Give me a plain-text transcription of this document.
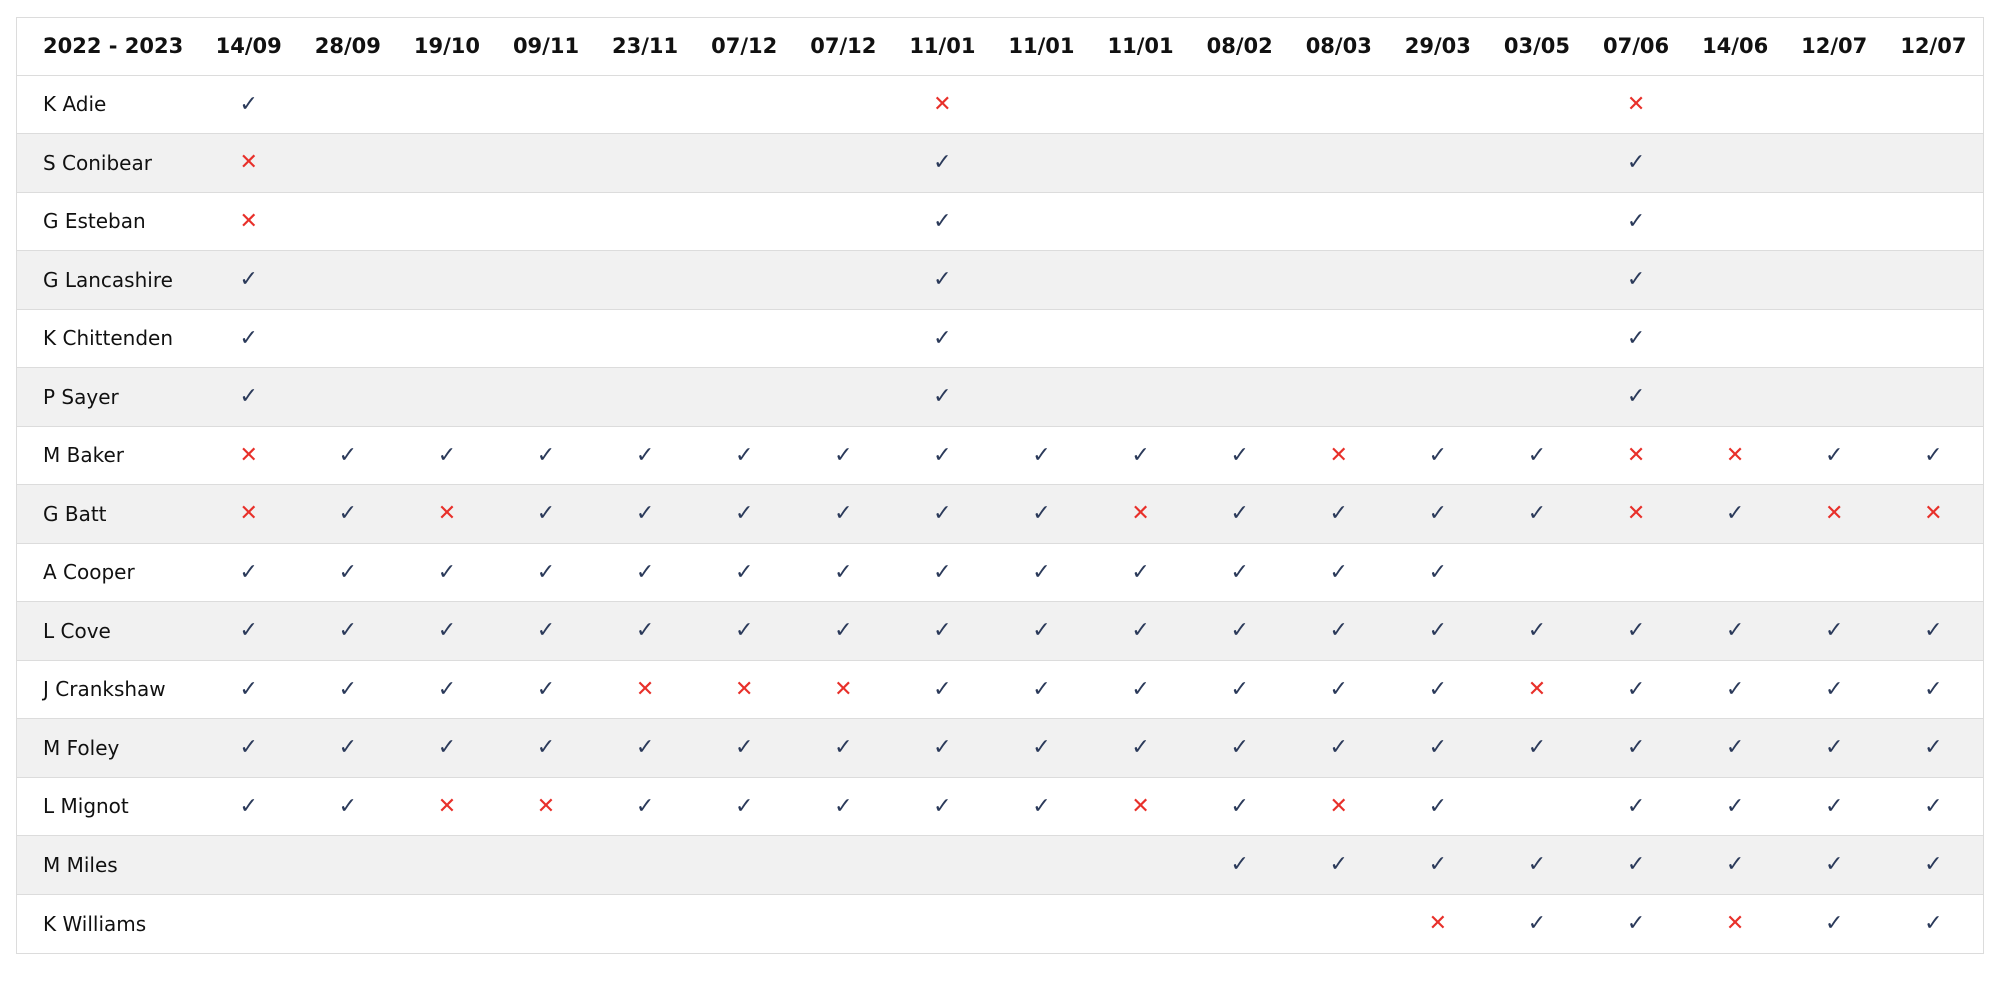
2022 - 2023	14/09	28/09	19/10	09/11	23/11	07/12	07/12	11/01	11/01	11/01	08/02	08/03	29/03	03/05	07/06	14/06	12/07	12/07
K Adie	✓							✕							✕			
S Conibear	✕							✓							✓			
G Esteban	✕							✓							✓			
G Lancashire	✓							✓							✓			
K Chittenden	✓							✓							✓			
P Sayer	✓							✓							✓			
M Baker	✕	✓	✓	✓	✓	✓	✓	✓	✓	✓	✓	✕	✓	✓	✕	✕	✓	✓
G Batt	✕	✓	✕	✓	✓	✓	✓	✓	✓	✕	✓	✓	✓	✓	✕	✓	✕	✕
A Cooper	✓	✓	✓	✓	✓	✓	✓	✓	✓	✓	✓	✓	✓					
L Cove	✓	✓	✓	✓	✓	✓	✓	✓	✓	✓	✓	✓	✓	✓	✓	✓	✓	✓
J Crankshaw	✓	✓	✓	✓	✕	✕	✕	✓	✓	✓	✓	✓	✓	✕	✓	✓	✓	✓
M Foley	✓	✓	✓	✓	✓	✓	✓	✓	✓	✓	✓	✓	✓	✓	✓	✓	✓	✓
L Mignot	✓	✓	✕	✕	✓	✓	✓	✓	✓	✕	✓	✕	✓		✓	✓	✓	✓
M Miles											✓	✓	✓	✓	✓	✓	✓	✓
K Williams													✕	✓	✓	✕	✓	✓
